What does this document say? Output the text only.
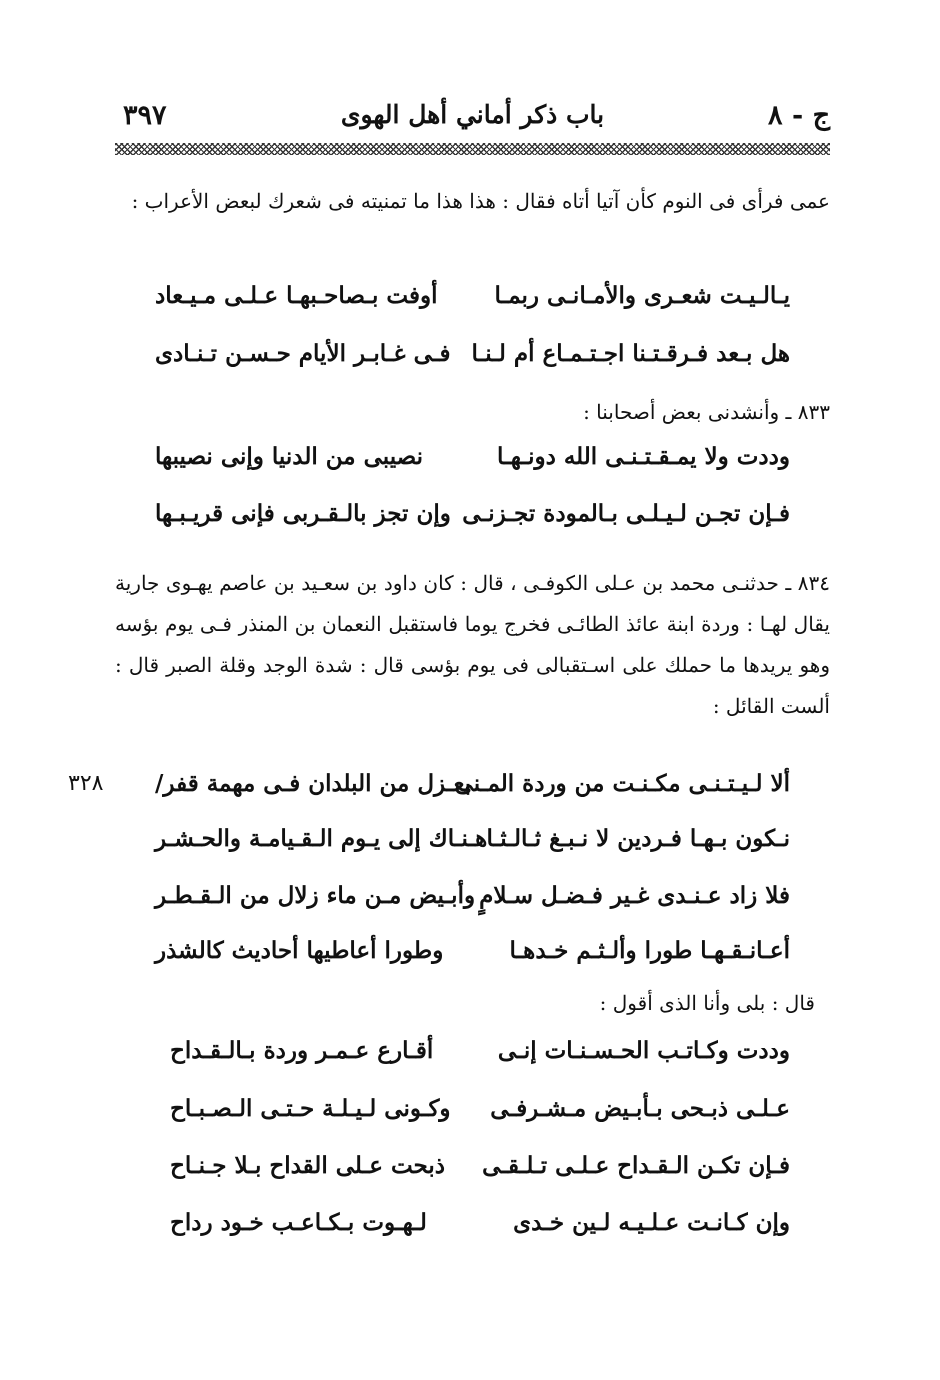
ج - ٨
باب ذكر أماني أهل الهوى
٣٩٧
عمى فرأى فى النوم كأن آتيا أتاه فقال : هذا هذا ما تمنيته فى شعرك لبعض الأعراب :
يـالـيـت شعـرى والأمـانـى ربمـا
أوفت بـصاحـبهـا عـلـى مـيـعاد
هل بـعد فـرقـتـنا اجـتـمـاع أم لـنـا
فـى غـابـر الأيام حـسـن تـنـادى
٨٣٣ ـ وأنشدنى بعض أصحابنا :
وددت ولا يمـقـتـنـى الله دونـهـا
نصيبى من الدنيا وإنى نصيبها
فـإن تجـن لـيـلـى بـالمودة تجـزنـى
وإن تجز بالـقـربى فإنى قريـبـها
٨٣٤ ـ حدثنـى محمد بن عـلى الكوفـى ، قال : كان داود بن سعـيد بن عاصم يهـوى جارية يقال لهـا : وردة ابنة عائذ الطائـى فخرج يوما فاستقبل النعمان بن المنذر فـى يوم بؤسه وهو يريدها ما حملك على اسـتقبالى فى يوم بؤسى قال : شدة الوجد وقلة الصبر قال : ألست القائل :
٣٢٨	ألا لـيـتـنـى مكـنـت من وردة المـنى
بعـزل من البلدان فـى مهمة قفر/
نـكون بـهـا فـردين لا نـبـغ ثـالـثـا
هـنـاك إلى يـوم الـقـيامـة والحـشـر
فلا زاد عـنـدى غـير فـضـل سـلامٍ
وأبـيض مـن ماء زلال من الـقـطـر
أعـانـقـهـا طورا وألـثـم خـدهـا
وطورا أعاطيها أحاديث كالشذر
قال : بلى وأنا الذى أقول :
وددت وكـاتـب الحـسـنـات إنـى
أقـارع عـمـر وردة بـالـقـداح
عـلـى ذبـحى بـأبـيض مـشـرفـى
وكـونى لـيـلـة حـتـى الـصـبـاح
فـإن تكـن الـقـداح عـلـى تـلـقـى
ذبحت عـلى القداح بـلا جـنـاح
وإن كـانـت عـلـيـه لـين خـدى
لـهـوت بـكـاعـب خـود رداح
